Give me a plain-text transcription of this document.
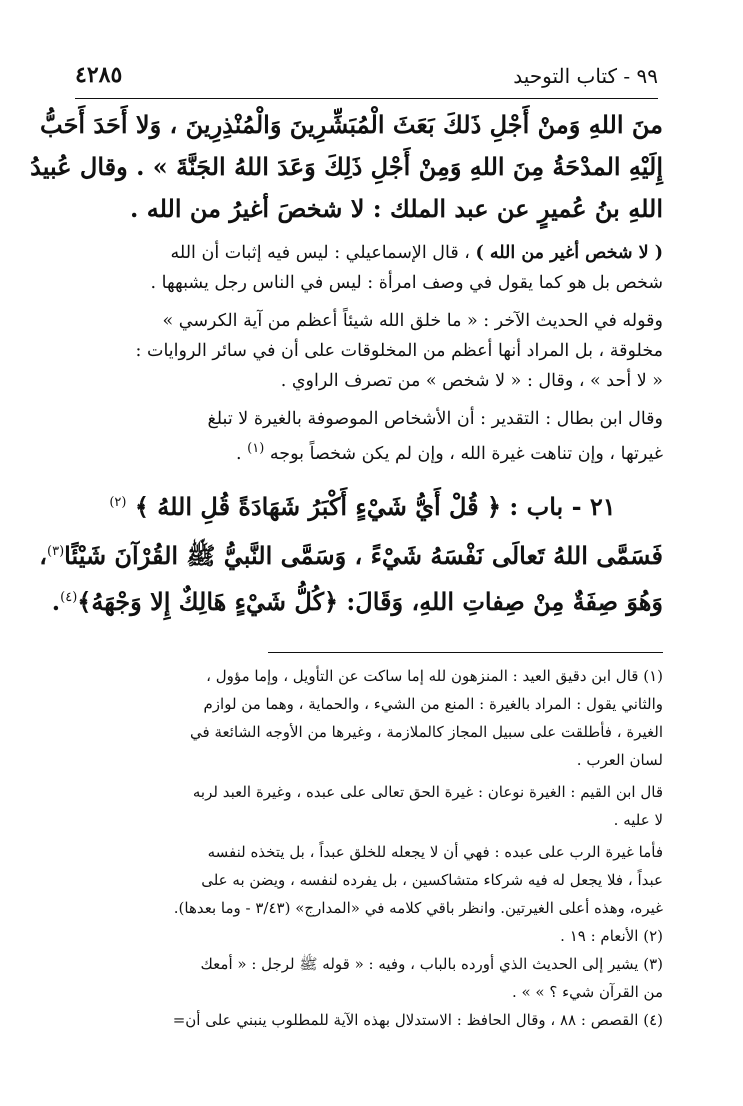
٩٩ - كتاب التوحيد
٤٢٨٥
منَ اللهِ وَمنْ أَجْلِ ذَلكَ بَعَثَ الْمُبَشِّرِينَ وَالْمُنْذِرِينَ ، وَلا أَحَدَ أَحَبُّ
إِلَيْهِ المدْحَةُ مِنَ اللهِ وَمِنْ أَجْلِ ذَلِكَ وَعَدَ اللهُ الجَنَّةَ » . وقال عُبيدُ
اللهِ بنُ عُميرٍ عن عبد الملك : لا شخصَ أغيرُ من الله .
( لا شخص أغير من الله ) ، قال الإسماعيلي : ليس فيه إثبات أن الله
شخص بل هو كما يقول في وصف امرأة : ليس في الناس رجل يشبهها .
وقوله في الحديث الآخر : « ما خلق الله شيئاً أعظم من آية الكرسي »
مخلوقة ، بل المراد أنها أعظم من المخلوقات على أن في سائر الروايات :
« لا أحد » ، وقال : « لا شخص » من تصرف الراوي .
وقال ابن بطال : التقدير : أن الأشخاص الموصوفة بالغيرة لا تبلغ
غيرتها ، وإن تناهت غيرة الله ، وإن لم يكن شخصاً بوجه $^{(١)}$ .
٢١ - باب : ﴿ قُلْ أَيُّ شَيْءٍ أَكْبَرُ شَهَادَةً قُلِ اللهُ ﴾ $^{(٢)}$
فَسَمَّى اللهُ تَعالَى نَفْسَهُ شَيْءً ، وَسَمَّى النَّبيُّ ﷺ القُرْآنَ شَيْئًا$^{(٣)}$،
وَهُوَ صِفَةٌ مِنْ صِفاتِ اللهِ، وَقَالَ: ﴿كُلُّ شَيْءٍ هَالِكٌ إِلا وَجْهَهُ﴾$^{(٤)}$.
(١) قال ابن دقيق العيد : المنزهون لله إما ساكت عن التأويل ، وإما مؤول ،
والثاني يقول : المراد بالغيرة : المنع من الشيء ، والحماية ، وهما من لوازم
الغيرة ، فأطلقت على سبيل المجاز كالملازمة ، وغيرها من الأوجه الشائعة في
لسان العرب .
قال ابن القيم : الغيرة نوعان : غيرة الحق تعالى على عبده ، وغيرة العبد لربه
لا عليه .
فأما غيرة الرب على عبده : فهي أن لا يجعله للخلق عبداً ، بل يتخذه لنفسه
عبداً ، فلا يجعل له فيه شركاء متشاكسين ، بل يفرده لنفسه ، ويضن به على
غيره، وهذه أعلى الغيرتين. وانظر باقي كلامه في «المدارج» (٣/٤٣ - وما بعدها).
(٢) الأنعام : ١٩ .
(٣) يشير إلى الحديث الذي أورده بالباب ، وفيه : « قوله ﷺ لرجل : « أمعك
من القرآن شيء ؟ » » .
(٤) القصص : ٨٨ ، وقال الحافظ : الاستدلال بهذه الآية للمطلوب ينبني على أن=
